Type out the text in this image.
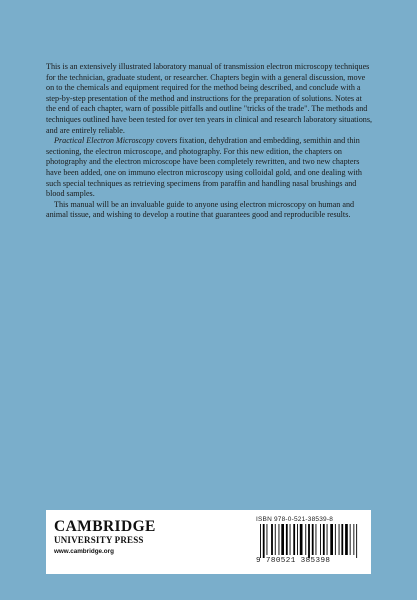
This is an extensively illustrated laboratory manual of transmission electron microscopy techniques for the technician, graduate student, or researcher. Chapters begin with a general discussion, move on to the chemicals and equipment required for the method being described, and conclude with a step-by-step presentation of the method and instructions for the preparation of solutions. Notes at the end of each chapter, warn of possible pitfalls and outline "tricks of the trade". The methods and techniques outlined have been tested for over ten years in clinical and research laboratory situations, and are entirely reliable.

Practical Electron Microscopy covers fixation, dehydration and embedding, semithin and thin sectioning, the electron microscope, and photography. For this new edition, the chapters on photography and the electron microscope have been completely rewritten, and two new chapters have been added, one on immuno electron microscopy using colloidal gold, and one dealing with such special techniques as retrieving specimens from paraffin and handling nasal brushings and blood samples.

This manual will be an invaluable guide to anyone using electron microscopy on human and animal tissue, and wishing to develop a routine that guarantees good and reproducible results.

CAMBRIDGE
UNIVERSITY PRESS
www.cambridge.org
ISBN 978-0-521-38539-8
9 780521 385398
